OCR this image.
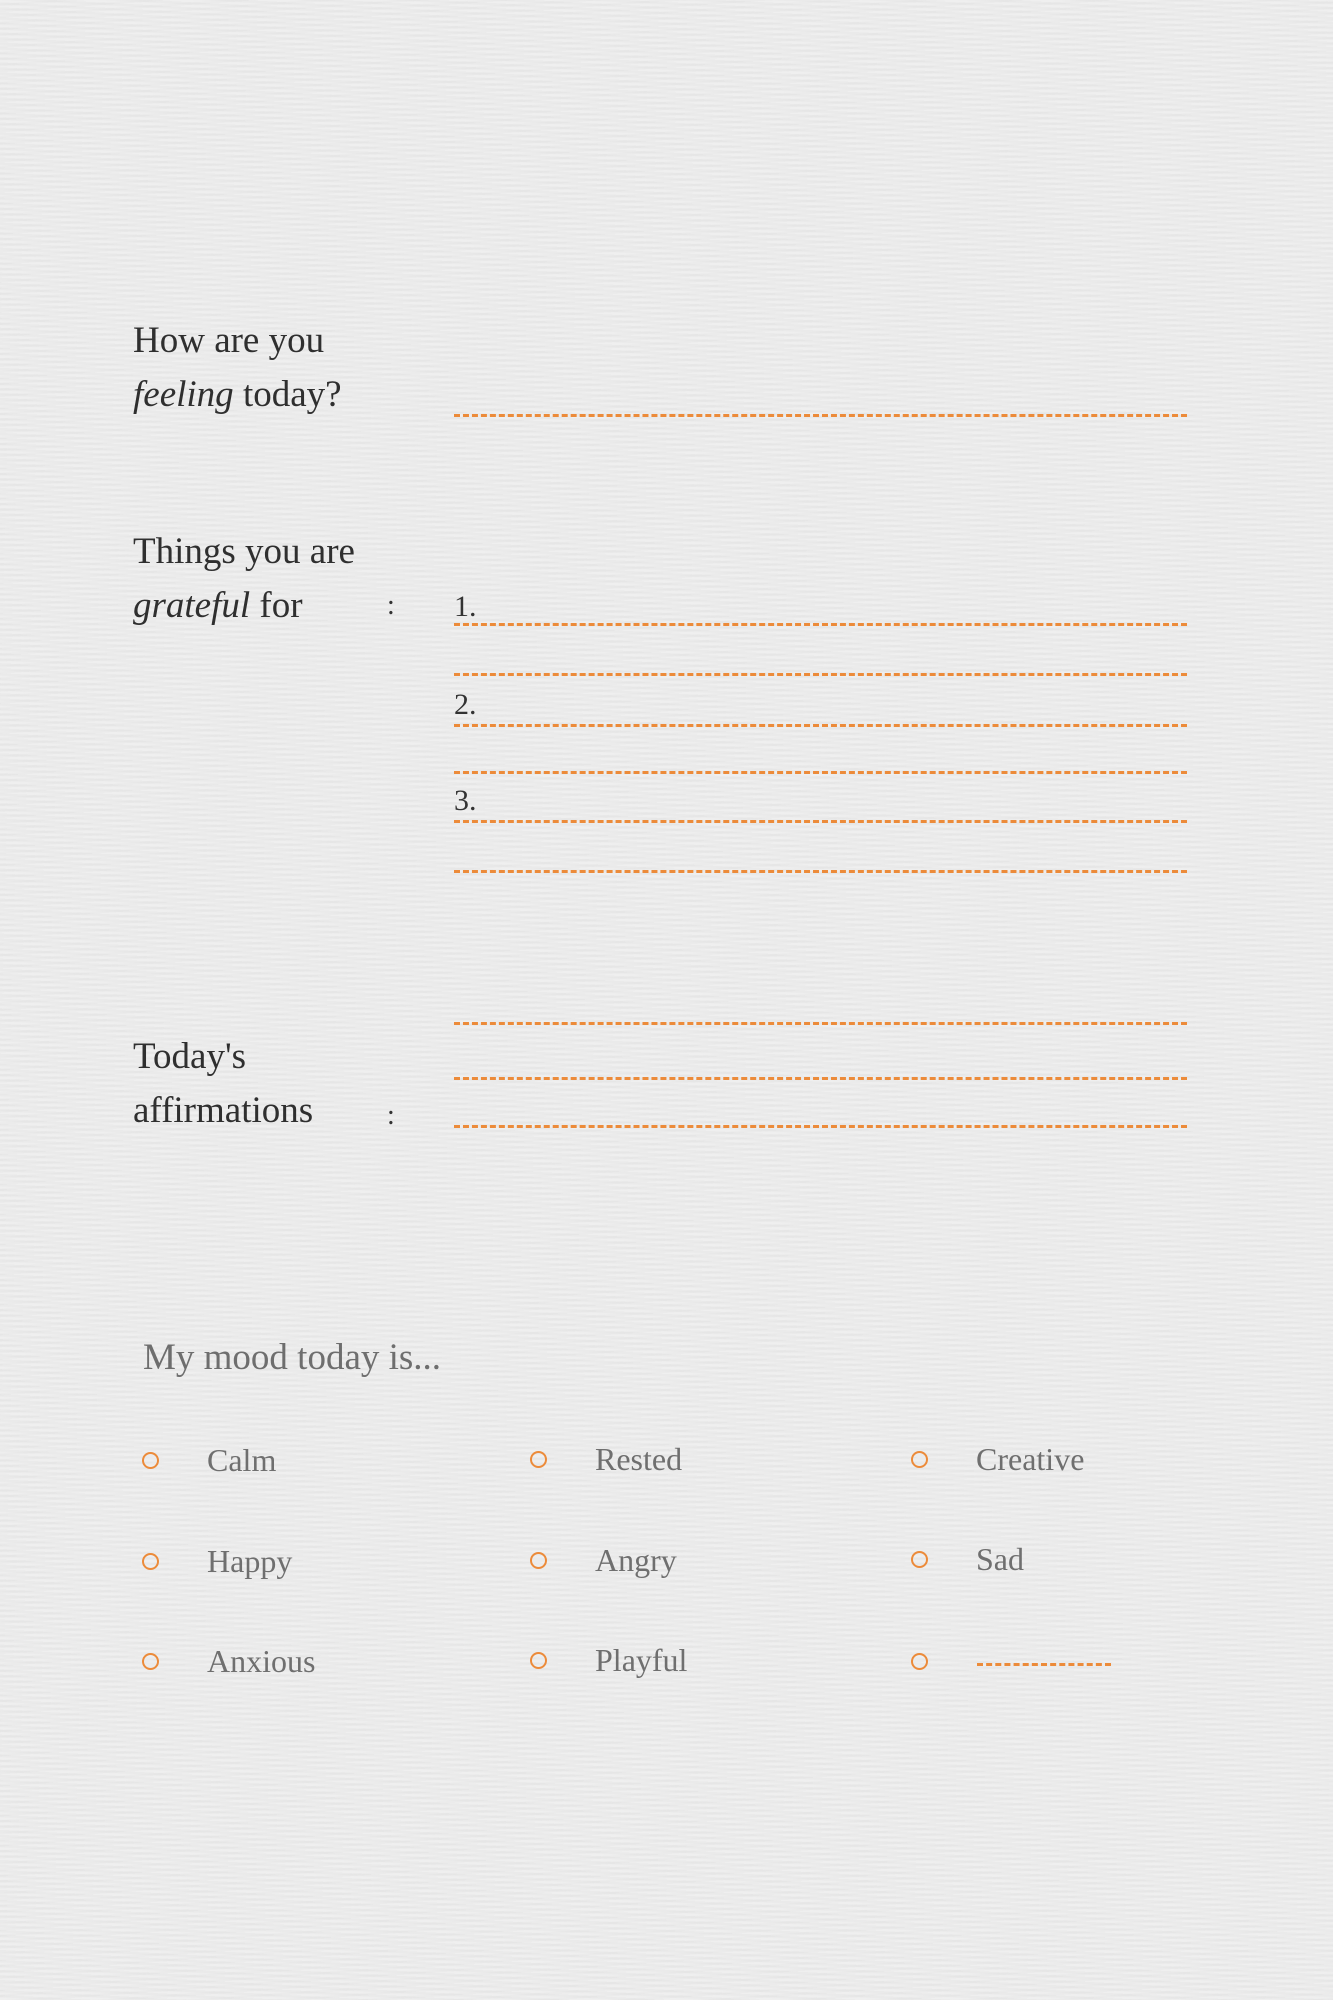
How are you
feeling today?
Things you are
grateful for	: 1.
2.
3.
Today's
affirmations	:
My mood today is...
Calm	Rested	Creative
Happy	Angry	Sad
Anxious	Playful
